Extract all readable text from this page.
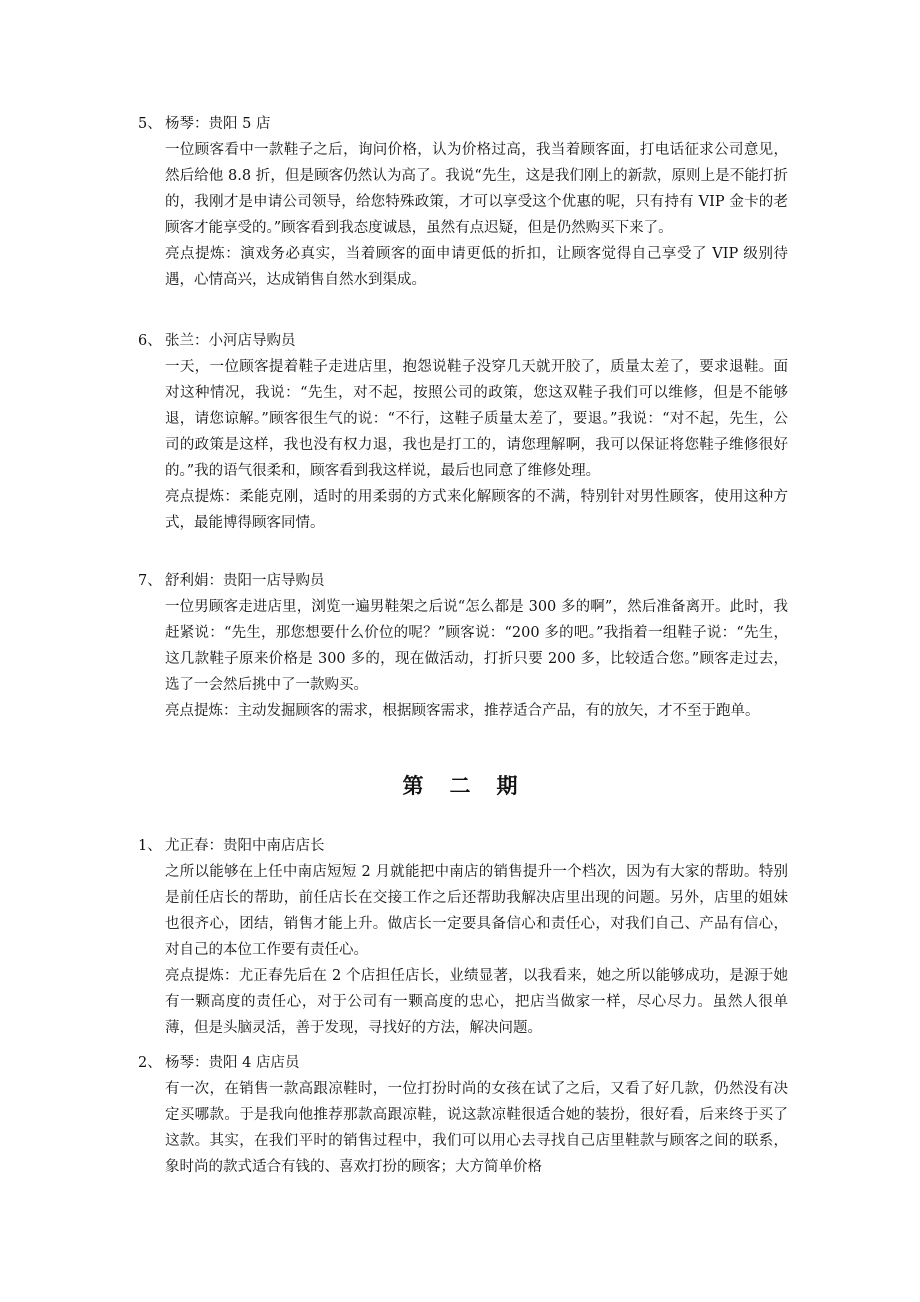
5、 杨琴：贵阳 5 店

一位顾客看中一款鞋子之后，询问价格，认为价格过高，我当着顾客面，打电话征求公司意见，然后给他 8.8 折，但是顾客仍然认为高了。我说“先生，这是我们刚上的新款，原则上是不能打折的，我刚才是申请公司领导，给您特殊政策，才可以享受这个优惠的呢，只有持有 VIP 金卡的老顾客才能享受的。”顾客看到我态度诚恳，虽然有点迟疑，但是仍然购买下来了。

亮点提炼：演戏务必真实，当着顾客的面申请更低的折扣，让顾客觉得自己享受了 VIP 级别待遇，心情高兴，达成销售自然水到渠成。

6、 张兰：小河店导购员

一天，一位顾客提着鞋子走进店里，抱怨说鞋子没穿几天就开胶了，质量太差了，要求退鞋。面对这种情况，我说：“先生，对不起，按照公司的政策，您这双鞋子我们可以维修，但是不能够退，请您谅解。”顾客很生气的说：“不行，这鞋子质量太差了，要退。”我说：“对不起，先生，公司的政策是这样，我也没有权力退，我也是打工的，请您理解啊，我可以保证将您鞋子维修很好的。”我的语气很柔和，顾客看到我这样说，最后也同意了维修处理。

亮点提炼：柔能克刚，适时的用柔弱的方式来化解顾客的不满，特别针对男性顾客，使用这种方式，最能博得顾客同情。

7、 舒利娟：贵阳一店导购员

一位男顾客走进店里，浏览一遍男鞋架之后说“怎么都是 300 多的啊”，然后准备离开。此时，我赶紧说：“先生，那您想要什么价位的呢？”顾客说：“200 多的吧。”我指着一组鞋子说：“先生，这几款鞋子原来价格是 300 多的，现在做活动，打折只要 200 多，比较适合您。”顾客走过去，选了一会然后挑中了一款购买。

亮点提炼：主动发掘顾客的需求，根据顾客需求，推荐适合产品，有的放矢，才不至于跑单。

第二期
1、 尤正春：贵阳中南店店长

之所以能够在上任中南店短短 2 月就能把中南店的销售提升一个档次，因为有大家的帮助。特别是前任店长的帮助，前任店长在交接工作之后还帮助我解决店里出现的问题。另外，店里的姐妹也很齐心，团结，销售才能上升。做店长一定要具备信心和责任心，对我们自己、产品有信心，对自己的本位工作要有责任心。

亮点提炼：尤正春先后在 2 个店担任店长，业绩显著，以我看来，她之所以能够成功，是源于她有一颗高度的责任心，对于公司有一颗高度的忠心，把店当做家一样，尽心尽力。虽然人很单薄，但是头脑灵活，善于发现，寻找好的方法，解决问题。

2、 杨琴：贵阳 4 店店员

有一次，在销售一款高跟凉鞋时，一位打扮时尚的女孩在试了之后，又看了好几款，仍然没有决定买哪款。于是我向他推荐那款高跟凉鞋，说这款凉鞋很适合她的装扮，很好看，后来终于买了这款。其实，在我们平时的销售过程中，我们可以用心去寻找自己店里鞋款与顾客之间的联系，象时尚的款式适合有钱的、喜欢打扮的顾客；大方简单价格
